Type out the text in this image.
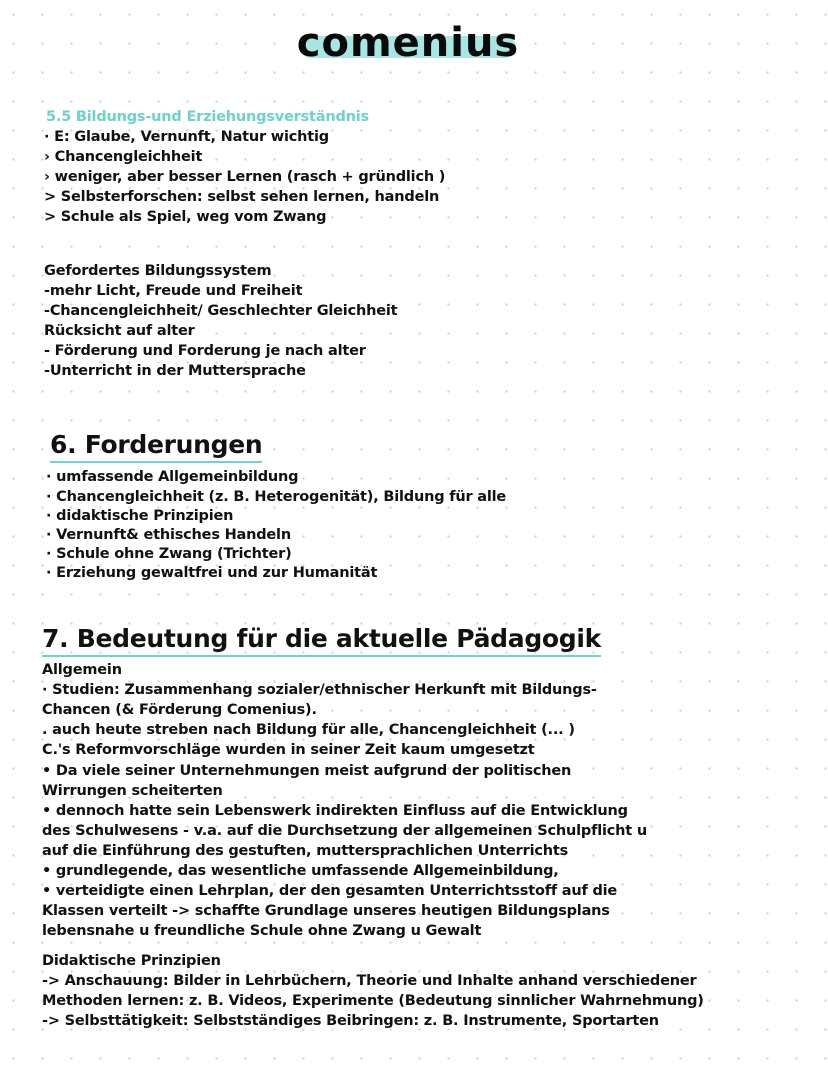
comenius
5.5 Bildungs-und Erziehungsverständnis
· E: Glaube, Vernunft, Natur wichtig
› Chancengleichheit
› weniger, aber besser Lernen (rasch + gründlich )
> Selbsterforschen: selbst sehen lernen, handeln
> Schule als Spiel, weg vom Zwang
Gefordertes Bildungssystem
-mehr Licht, Freude und Freiheit
-Chancengleichheit/ Geschlechter Gleichheit
Rücksicht auf alter
- Förderung und Forderung je nach alter
-Unterricht in der Muttersprache
6. Forderungen
· umfassende Allgemeinbildung
· Chancengleichheit (z. B. Heterogenität), Bildung für alle
· didaktische Prinzipien
· Vernunft& ethisches Handeln
· Schule ohne Zwang (Trichter)
· Erziehung gewaltfrei und zur Humanität
7. Bedeutung für die aktuelle Pädagogik
Allgemein
· Studien: Zusammenhang sozialer/ethnischer Herkunft mit Bildungs-
Chancen (& Förderung Comenius).
. auch heute streben nach Bildung für alle, Chancengleichheit (... )
C.'s Reformvorschläge wurden in seiner Zeit kaum umgesetzt
• Da viele seiner Unternehmungen meist aufgrund der politischen
Wirrungen scheiterten
• dennoch hatte sein Lebenswerk indirekten Einfluss auf die Entwicklung
des Schulwesens - v.a. auf die Durchsetzung der allgemeinen Schulpflicht u
auf die Einführung des gestuften, muttersprachlichen Unterrichts
• grundlegende, das wesentliche umfassende Allgemeinbildung,
• verteidigte einen Lehrplan, der den gesamten Unterrichtsstoff auf die
Klassen verteilt -> schaffte Grundlage unseres heutigen Bildungsplans
lebensnahe u freundliche Schule ohne Zwang u Gewalt
Didaktische Prinzipien
-> Anschauung: Bilder in Lehrbüchern, Theorie und Inhalte anhand verschiedener
Methoden lernen: z. B. Videos, Experimente (Bedeutung sinnlicher Wahrnehmung)
-> Selbsttätigkeit: Selbstständiges Beibringen: z. B. Instrumente, Sportarten
